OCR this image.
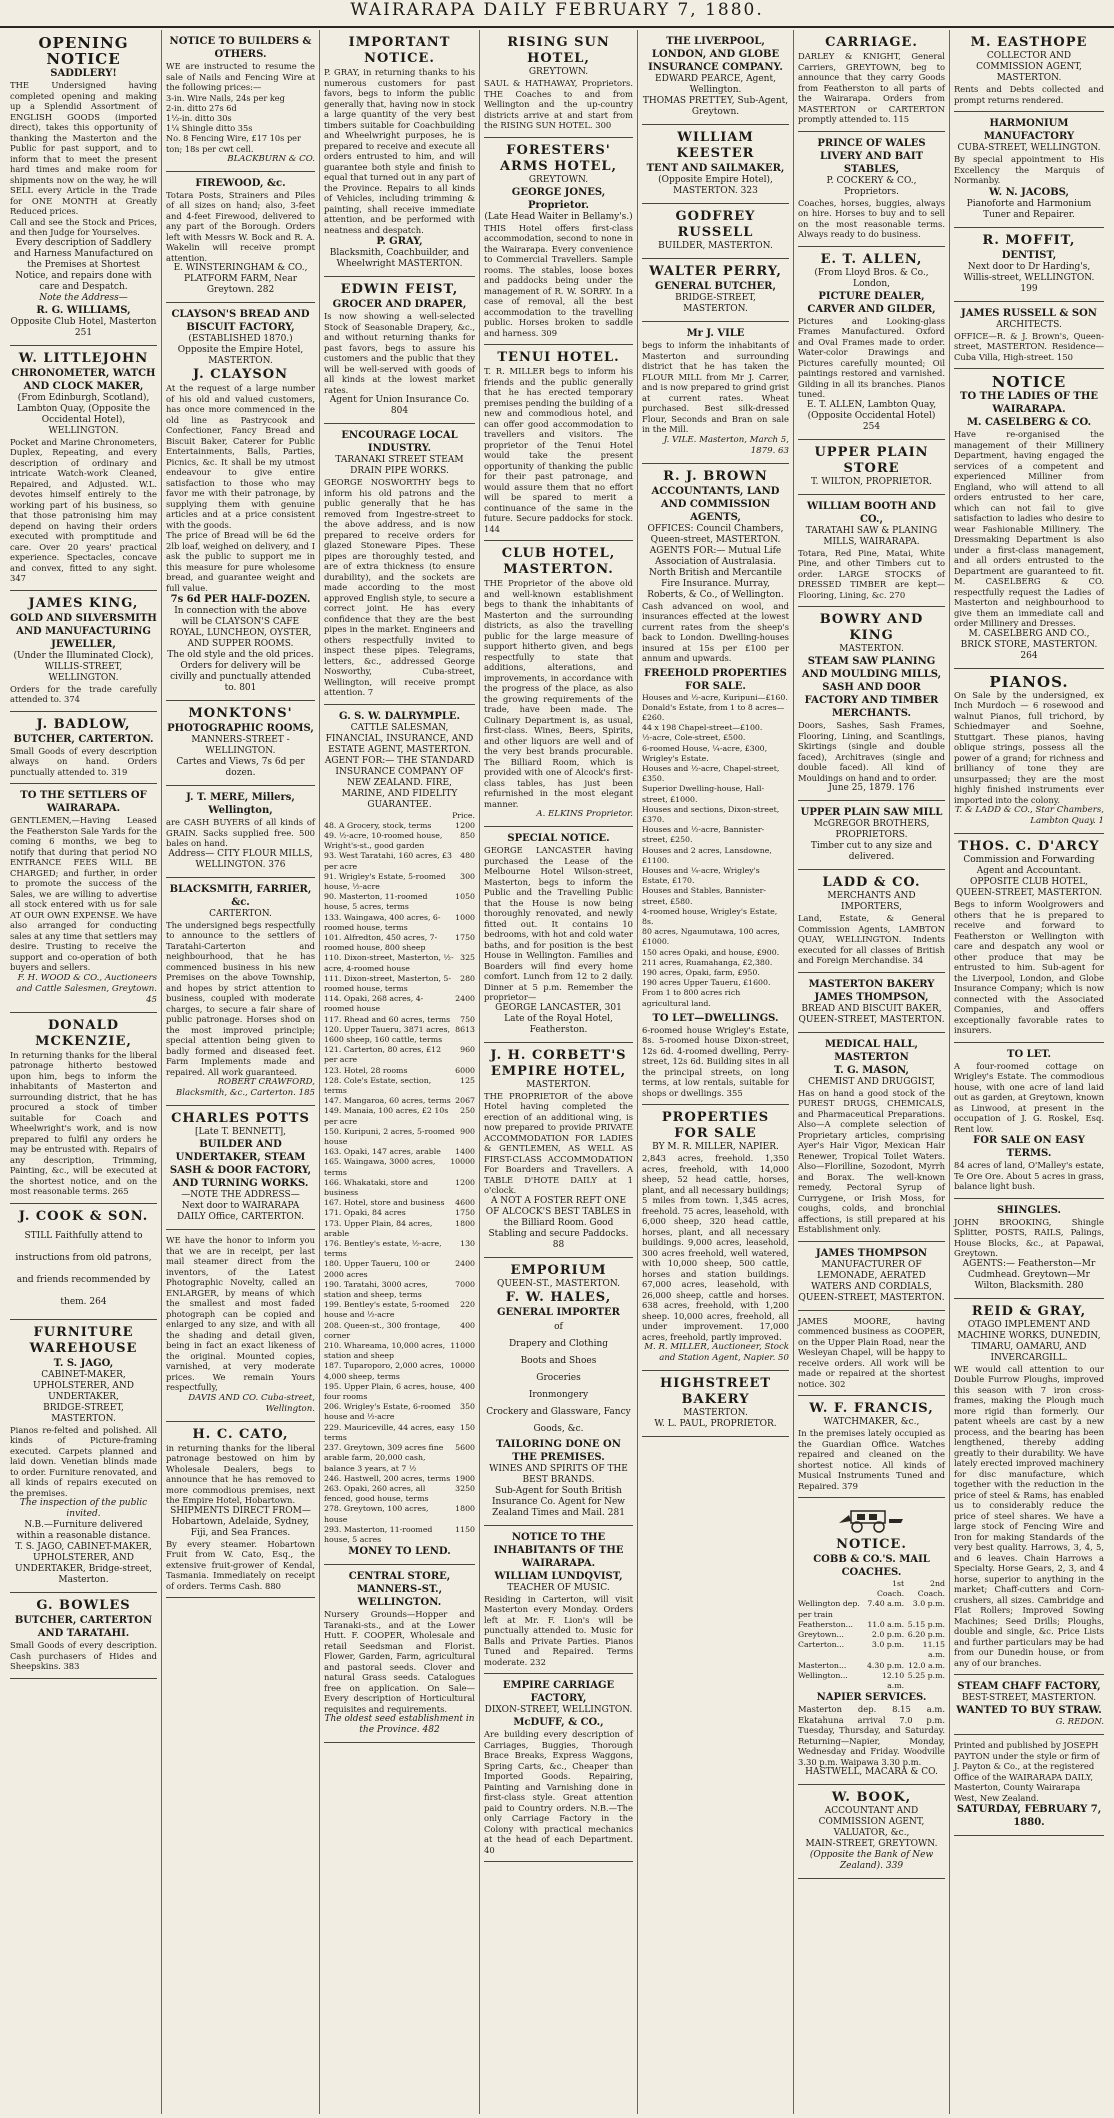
WAIRARAPA DAILY FEBRUARY 7, 1880.
OPENING NOTICE
SADDLERY!
THE Undersigned having completed opening and making up a Splendid Assortment of ENGLISH GOODS (imported direct), takes this opportunity of thanking the Masterton and the Public for past support, and to inform that to meet the present hard times and make room for shipments now on the way, he will SELL every Article in the Trade for ONE MONTH at Greatly Reduced prices.
Call and see the Stock and Prices, and then Judge for Yourselves.
Every description of Saddlery and Harness Manufactured on the Premises at Shortest Notice, and repairs done with care and Despatch.
Note the Address—
R. G. WILLIAMS,
Opposite Club Hotel, Masterton 251
W. LITTLEJOHN
CHRONOMETER, WATCH AND CLOCK MAKER,
(From Edinburgh, Scotland),
Lambton Quay, (Opposite the Occidental Hotel), WELLINGTON.
Pocket and Marine Chronometers, Duplex, Repeating, and every description of ordinary and intricate Watch-work Cleaned, Repaired, and Adjusted. W.L. devotes himself entirely to the working part of his business, so that those patronising him may depend on having their orders executed with promptitude and care. Over 20 years' practical experience. Spectacles, concave and convex, fitted to any sight. 347
JAMES KING,
GOLD AND SILVERSMITH AND MANUFACTURING JEWELLER,
(Under the Illuminated Clock), WILLIS-STREET, WELLINGTON.
Orders for the trade carefully attended to. 374
J. BADLOW,
BUTCHER, CARTERTON.
Small Goods of every description always on hand. Orders punctually attended to. 319
TO THE SETTLERS OF WAIRARAPA.
GENTLEMEN,—Having Leased the Featherston Sale Yards for the coming 6 months, we beg to notify that during that period NO ENTRANCE FEES WILL BE CHARGED; and further, in order to promote the success of the Sales, we are willing to advertise all stock entered with us for sale AT OUR OWN EXPENSE. We have also arranged for conducting sales at any time that settlers may desire. Trusting to receive the support and co-operation of both buyers and sellers.
F. H. WOOD & CO., Auctioneers and Cattle Salesmen, Greytown. 45
DONALD MCKENZIE,
In returning thanks for the liberal patronage hitherto bestowed upon him, begs to inform the inhabitants of Masterton and surrounding district, that he has procured a stock of timber suitable for Coach and Wheelwright's work, and is now prepared to fulfil any orders he may be entrusted with. Repairs of any description, Trimming, Painting, &c., will be executed at the shortest notice, and on the most reasonable terms. 265
J. COOK & SON.
STILL Faithfully attend to instructions from old patrons, and friends recommended by them. 264
FURNITURE WAREHOUSE
T. S. JAGO,
CABINET-MAKER, UPHOLSTERER, AND UNDERTAKER,
BRIDGE-STREET, MASTERTON.
Pianos re-felted and polished. All kinds of Picture-framing executed. Carpets planned and laid down. Venetian blinds made to order. Furniture renovated, and all kinds of repairs executed on the premises.
The inspection of the public invited.
N.B.—Furniture delivered within a reasonable distance.
T. S. JAGO, CABINET-MAKER, UPHOLSTERER, AND UNDERTAKER, Bridge-street, Masterton.
G. BOWLES
BUTCHER, CARTERTON AND TARATAHI.
Small Goods of every description. Cash purchasers of Hides and Sheepskins. 383
NOTICE TO BUILDERS & OTHERS.
WE are instructed to resume the sale of Nails and Fencing Wire at the following prices:—
3-in. Wire Nails, 24s per keg
2-in. ditto 27s 6d
1½-in. ditto 30s
1¼ Shingle ditto 35s
No. 8 Fencing Wire, £17 10s per ton; 18s per cwt cell.
BLACKBURN & CO.
FIREWOOD, &c.
Totara Posts, Strainers and Piles of all sizes on hand; also, 3-feet and 4-feet Firewood, delivered to any part of the Borough. Orders left with Messrs W. Bock and R. A. Wakelin will receive prompt attention.
E. WINSTERINGHAM & CO., PLATFORM FARM, Near Greytown. 282
CLAYSON'S BREAD AND BISCUIT FACTORY,
(ESTABLISHED 1870.)
Opposite the Empire Hotel, MASTERTON.
J. CLAYSON
At the request of a large number of his old and valued customers, has once more commenced in the old line as Pastrycook and Confectioner, Fancy Bread and Biscuit Baker, Caterer for Public Entertainments, Balls, Parties, Picnics, &c. It shall be my utmost endeavour to give entire satisfaction to those who may favor me with their patronage, by supplying them with genuine articles and at a price consistent with the goods.
The price of Bread will be 6d the 2lb loaf, weighed on delivery, and I ask the public to support me in this measure for pure wholesome bread, and guarantee weight and full value.
7s 6d PER HALF-DOZEN.
In connection with the above will be CLAYSON'S CAFE ROYAL, LUNCHEON, OYSTER, AND SUPPER ROOMS.
The old style and the old prices. Orders for delivery will be civilly and punctually attended to. 801
MONKTONS'
PHOTOGRAPHIC ROOMS,
MANNERS-STREET - WELLINGTON.
Cartes and Views, 7s 6d per dozen.
J. T. MERE, Millers, Wellington,
are CASH BUYERS of all kinds of GRAIN. Sacks supplied free. 500 bales on hand.
Address— CITY FLOUR MILLS, WELLINGTON. 376
BLACKSMITH, FARRIER, &c.
CARTERTON.
The undersigned begs respectfully to announce to the settlers of Taratahi-Carterton and neighbourhood, that he has commenced business in his new Premises on the above Township, and hopes by strict attention to business, coupled with moderate charges, to secure a fair share of public patronage. Horses shod on the most improved principle; special attention being given to badly formed and diseased feet. Farm Implements made and repaired. All work guaranteed.
ROBERT CRAWFORD, Blacksmith, &c., Carterton. 185
CHARLES POTTS
[Late T. BENNETT],
BUILDER AND UNDERTAKER, STEAM SASH & DOOR FACTORY, AND TURNING WORKS.
—NOTE THE ADDRESS—
Next door to WAIRARAPA DAILY Office, CARTERTON.
WE have the honor to inform you that we are in receipt, per last mail steamer direct from the inventors, of the Latest Photographic Novelty, called an ENLARGER, by means of which the smallest and most faded photograph can be copied and enlarged to any size, and with all the shading and detail given, being in fact an exact likeness of the original. Mounted copies, varnished, at very moderate prices. We remain Yours respectfully,
DAVIS AND CO. Cuba-street, Wellington.
H. C. CATO,
in returning thanks for the liberal patronage bestowed on him by Wholesale Dealers, begs to announce that he has removed to more commodious premises, next the Empire Hotel, Hobartown.
SHIPMENTS DIRECT FROM— Hobartown, Adelaide, Sydney, Fiji, and Sea Frances.
By every steamer. Hobartown Fruit from W. Cato, Esq., the extensive fruit-grower of Kendal, Tasmania. Immediately on receipt of orders. Terms Cash. 880
IMPORTANT NOTICE.
P. GRAY, in returning thanks to his numerous customers for past favors, begs to inform the public generally that, having now in stock a large quantity of the very best timbers suitable for Coachbuilding and Wheelwright purposes, he is prepared to receive and execute all orders entrusted to him, and will guarantee both style and finish to equal that turned out in any part of the Province. Repairs to all kinds of Vehicles, including trimming & painting, shall receive immediate attention, and be performed with neatness and despatch.
P. GRAY,
Blacksmith, Coachbuilder, and Wheelwright MASTERTON.
EDWIN FEIST,
GROCER AND DRAPER,
Is now showing a well-selected Stock of Seasonable Drapery, &c., and without returning thanks for past favors, begs to assure his customers and the public that they will be well-served with goods of all kinds at the lowest market rates.
Agent for Union Insurance Co. 804
ENCOURAGE LOCAL INDUSTRY.
TARANAKI STREET STEAM DRAIN PIPE WORKS.
GEORGE NOSWORTHY begs to inform his old patrons and the public generally that he has removed from Ingestre-street to the above address, and is now prepared to receive orders for glazed Stoneware Pipes. These pipes are thoroughly tested, and are of extra thickness (to ensure durability), and the sockets are made according to the most approved English style, to secure a correct joint. He has every confidence that they are the best pipes in the market. Engineers and others respectfully invited to inspect these pipes. Telegrams, letters, &c., addressed George Nosworthy, Cuba-street, Wellington, will receive prompt attention. 7
G. S. W. DALRYMPLE.
CATTLE SALESMAN, FINANCIAL, INSURANCE, AND ESTATE AGENT, MASTERTON.
AGENT FOR:— THE STANDARD INSURANCE COMPANY OF NEW ZEALAND. FIRE, MARINE, AND FIDELITY GUARANTEE.
Price.
48. A Grocery, stock, terms	1200
49. ½-acre, 10-roomed house, Wright's-st., good garden
850
93. West Taratahi, 160 acres, £3 per acre
480
91. Wrigley's Estate, 5-roomed house, ½-acre
300
90. Masterton, 11-roomed house, 5 acres, terms
1050
133. Waingawa, 400 acres, 6-roomed house, terms
1000
101. Alfredton, 450 acres, 7-roomed house, 800 sheep
1750
110. Dixon-street, Masterton, ½-acre, 4-roomed house
325
111. Dixon-street, Masterton, 5-roomed house, terms
280
114. Opaki, 268 acres, 4-roomed house
2400
117. Rhead and 60 acres, terms 750
120. Upper Taueru, 3871 acres, 1600 sheep, 160 cattle, terms
8613
121. Carterton, 80 acres, £12 per acre
960
123. Hotel, 28 rooms	6000
128. Cole's Estate, section, terms
125
147. Mangaroa, 60 acres, terms 2067
149. Manaia, 100 acres, £2 10s per acre
250
150. Kuripuni, 2 acres, 5-roomed house
900
163. Opaki, 147 acres, arable 1400
165. Waingawa, 3000 acres, terms
10000
166. Whakataki, store and business
1200
167. Hotel, store and business 4600
171. Opaki, 84 acres	1750
173. Upper Plain, 84 acres, arable
1800
176. Bentley's estate, ½-acre, terms
130
180. Upper Taueru, 100 or 2000 acres
2400
190. Taratahi, 3000 acres, station and sheep, terms
7000
199. Bentley's estate, 5-roomed house and ½-acre
220
208. Queen-st., 300 frontage, corner
400
210. Whareama, 10,000 acres, station and sheep
11000
187. Tuparoporo, 2,000 acres, 4,000 sheep, terms
10000
195. Upper Plain, 6 acres, house, four rooms
400
206. Wrigley's Estate, 6-roomed house and ½-acre
350
229. Mauriceville, 44 acres, easy terms
150
237. Greytown, 309 acres fine arable farm, 20,000 cash, balance 3 years, at 7 ½
5600
246. Hastwell, 200 acres, terms 1900
263. Opaki, 260 acres, all fenced, good house, terms
3250
278. Greytown, 100 acres, house
1800
293. Masterton, 11-roomed house, 5 acres
1150
MONEY TO LEND.
CENTRAL STORE, MANNERS-ST., WELLINGTON.
Nursery Grounds—Hopper and Taranaki-sts., and at the Lower Hutt. F. COOPER, Wholesale and retail Seedsman and Florist. Flower, Garden, Farm, agricultural and pastoral seeds. Clover and natural Grass seeds. Catalogues free on application. On Sale—Every description of Horticultural requisites and requirements.
The oldest seed establishment in the Province. 482
RISING SUN HOTEL,
GREYTOWN.
SAUL & HATHAWAY, Proprietors. THE Coaches to and from Wellington and the up-country districts arrive at and start from the RISING SUN HOTEL. 300
FORESTERS' ARMS HOTEL,
GREYTOWN.
GEORGE JONES, Proprietor.
(Late Head Waiter in Bellamy's.)
THIS Hotel offers first-class accommodation, second to none in the Wairarapa. Every convenience to Commercial Travellers. Sample rooms. The stables, loose boxes and paddocks being under the management of R. W. SORRY. In a case of removal, all the best accommodation to the travelling public. Horses broken to saddle and harness. 309
TENUI HOTEL.
T. R. MILLER begs to inform his friends and the public generally that he has erected temporary premises pending the building of a new and commodious hotel, and can offer good accommodation to travellers and visitors. The proprietor of the Tenui Hotel would take the present opportunity of thanking the public for their past patronage, and would assure them that no effort will be spared to merit a continuance of the same in the future. Secure paddocks for stock. 144
CLUB HOTEL, MASTERTON.
THE Proprietor of the above old and well-known establishment begs to thank the inhabitants of Masterton and the surrounding districts, as also the travelling public for the large measure of support hitherto given, and begs respectfully to state that additions, alterations, and improvements, in accordance with the progress of the place, as also the growing requirements of the trade, have been made. The Culinary Department is, as usual, first-class. Wines, Beers, Spirits, and other liquors are well and of the very best brands procurable. The Billiard Room, which is provided with one of Alcock's first-class tables, has just been refurnished in the most elegant manner.
A. ELKINS Proprietor.
SPECIAL NOTICE.
GEORGE LANCASTER having purchased the Lease of the Melbourne Hotel Wilson-street, Masterton, begs to inform the Public and the Travelling Public that the House is now being thoroughly renovated, and newly fitted out. It contains 10 bedrooms, with hot and cold water baths, and for position is the best House in Wellington. Families and Boarders will find every home comfort. Lunch from 12 to 2 daily. Dinner at 5 p.m. Remember the proprietor—
GEORGE LANCASTER, 301 Late of the Royal Hotel, Featherston.
J. H. CORBETT'S EMPIRE HOTEL,
MASTERTON.
THE PROPRIETOR of the above Hotel having completed the erection of an additional wing, is now prepared to provide PRIVATE ACCOMMODATION FOR LADIES & GENTLEMEN, AS WELL AS FIRST-CLASS ACCOMMODATION For Boarders and Travellers. A TABLE D'HOTE DAILY at 1 o'clock.
A NOT A FOSTER REFT ONE OF ALCOCK'S BEST TABLES in the Billiard Room. Good Stabling and secure Paddocks. 88
EMPORIUM
QUEEN-ST., MASTERTON.
F. W. HALES,
GENERAL IMPORTER
of
Drapery and Clothing
Boots and Shoes
Groceries
Ironmongery
Crockery and Glassware, Fancy Goods, &c.
TAILORING DONE ON THE PREMISES.
WINES AND SPIRITS OF THE BEST BRANDS.
Sub-Agent for South British Insurance Co. Agent for New Zealand Times and Mail. 281
NOTICE TO THE INHABITANTS OF THE WAIRARAPA.
WILLIAM LUNDQVIST,
TEACHER OF MUSIC.
Residing in Carterton, will visit Masterton every Monday. Orders left at Mr. F. Lion's will be punctually attended to. Music for Balls and Private Parties. Pianos Tuned and Repaired. Terms moderate. 232
EMPIRE CARRIAGE FACTORY,
DIXON-STREET, WELLINGTON.
McDUFF, & CO.,
Are building every description of Carriages, Buggies, Thorough Brace Breaks, Express Waggons, Spring Carts, &c., Cheaper than Imported Goods. Repairing, Painting and Varnishing done in first-class style. Great attention paid to Country orders. N.B.—The only Carriage Factory in the Colony with practical mechanics at the head of each Department. 40
THE LIVERPOOL, LONDON, AND GLOBE INSURANCE COMPANY.
EDWARD PEARCE, Agent, Wellington.
THOMAS PRETTEY, Sub-Agent, Greytown.
WILLIAM KEESTER
TENT AND SAILMAKER,
(Opposite Empire Hotel), MASTERTON. 323
GODFREY RUSSELL
BUILDER, MASTERTON.
WALTER PERRY,
GENERAL BUTCHER,
BRIDGE-STREET, MASTERTON.
Mr J. VILE
begs to inform the inhabitants of Masterton and surrounding district that he has taken the FLOUR MILL from Mr J. Carrer, and is now prepared to grind grist at current rates. Wheat purchased. Best silk-dressed Flour, Seconds and Bran on sale in the Mill.
J. VILE. Masterton, March 5, 1879. 63
R. J. BROWN
ACCOUNTANTS, LAND AND COMMISSION AGENTS,
OFFICES: Council Chambers, Queen-street, MASTERTON.
AGENTS FOR:— Mutual Life Association of Australasia. North British and Mercantile Fire Insurance. Murray, Roberts, & Co., of Wellington.
Cash advanced on wool, and insurances effected at the lowest current rates from the sheep's back to London. Dwelling-houses insured at 15s per £100 per annum and upwards.
FREEHOLD PROPERTIES FOR SALE.
Houses and ½-acre, Kuripuni—£160.
Donald's Estate, from 1 to 8 acres—£260.
44 x 198 Chapel-street—£100.
½-acre, Cole-street, £500.
6-roomed House, ¼-acre, £300, Wrigley's Estate.
Houses and ½-acre, Chapel-street, £350.
Superior Dwelling-house, Hall-street, £1000.
Houses and sections, Dixon-street, £370.
Houses and ½-acre, Bannister-street, £250.
Houses and 2 acres, Lansdowne, £1100.
Houses and ¼-acre, Wrigley's Estate, £170.
Houses and Stables, Bannister-street, £580.
4-roomed house, Wrigley's Estate, 8s.
80 acres, Ngaumutawa, 100 acres, £1000.
150 acres Opaki, and house, £900.
211 acres, Ruamahanga, £2,380.
190 acres, Opaki, farm, £950.
190 acres Upper Taueru, £1600.
From 1 to 800 acres rich agricultural land.
TO LET—DWELLINGS.
6-roomed house Wrigley's Estate, 8s. 5-roomed house Dixon-street, 12s 6d. 4-roomed dwelling, Perry-street, 12s 6d. Building sites in all the principal streets, on long terms, at low rentals, suitable for shops or dwellings. 355
PROPERTIES FOR SALE
BY M. R. MILLER, NAPIER.
2,843 acres, freehold. 1,350 acres, freehold, with 14,000 sheep, 52 head cattle, horses, plant, and all necessary buildings; 5 miles from town. 1,345 acres, freehold. 75 acres, leasehold, with 6,000 sheep, 320 head cattle, horses, plant, and all necessary buildings. 9,000 acres, leasehold, 300 acres freehold, well watered, with 10,000 sheep, 500 cattle, horses and station buildings. 67,000 acres, leasehold, with 26,000 sheep, cattle and horses. 638 acres, freehold, with 1,200 sheep. 10,000 acres, freehold, all under improvement. 17,000 acres, freehold, partly improved.
M. R. MILLER, Auctioneer, Stock and Station Agent, Napier. 50
HIGHSTREET BAKERY
MASTERTON.
W. L. PAUL, PROPRIETOR.
CARRIAGE.
DARLEY & KNIGHT, General Carriers, GREYTOWN, beg to announce that they carry Goods from Featherston to all parts of the Wairarapa. Orders from MASTERTON or CARTERTON promptly attended to. 115
PRINCE OF WALES LIVERY AND BAIT STABLES,
P. COCKERY & CO., Proprietors.
Coaches, horses, buggies, always on hire. Horses to buy and to sell on the most reasonable terms. Always ready to do business.
E. T. ALLEN,
(From Lloyd Bros. & Co., London,
PICTURE DEALER, CARVER AND GILDER,
Pictures and Looking-glass Frames Manufactured. Oxford and Oval Frames made to order. Water-color Drawings and Pictures carefully mounted; Oil paintings restored and varnished. Gilding in all its branches. Pianos tuned.
E. T. ALLEN, Lambton Quay, (Opposite Occidental Hotel) 254
UPPER PLAIN STORE
T. WILTON, PROPRIETOR.
WILLIAM BOOTH AND CO.,
TARATAHI SAW & PLANING MILLS, WAIRARAPA.
Totara, Red Pine, Matai, White Pine, and other Timbers cut to order. LARGE STOCKS of DRESSED TIMBER are kept—Flooring, Lining, &c. 270
BOWRY AND KING
MASTERTON.
STEAM SAW PLANING AND MOULDING MILLS, SASH AND DOOR FACTORY AND TIMBER MERCHANTS.
Doors, Sashes, Sash Frames, Flooring, Lining, and Scantlings, Skirtings (single and double faced), Architraves (single and double faced). All kind of Mouldings on hand and to order.
June 25, 1879. 176
UPPER PLAIN SAW MILL
McGREGOR BROTHERS, PROPRIETORS.
Timber cut to any size and delivered.
LADD & CO.
MERCHANTS AND IMPORTERS,
Land, Estate, & General Commission Agents, LAMBTON QUAY, WELLINGTON. Indents executed for all classes of British and Foreign Merchandise. 34
MASTERTON BAKERY
JAMES THOMPSON,
BREAD AND BISCUIT BAKER,
QUEEN-STREET, MASTERTON.
MEDICAL HALL, MASTERTON
T. G. MASON,
CHEMIST AND DRUGGIST,
Has on hand a good stock of the PUREST DRUGS, CHEMICALS, and Pharmaceutical Preparations. Also—A complete selection of Proprietary articles, comprising Ayer's Hair Vigor, Mexican Hair Renewer, Tropical Toilet Waters. Also—Florilline, Sozodont, Myrrh and Borax. The well-known remedy, Pectoral Syrup of Currygene, or Irish Moss, for coughs, colds, and bronchial affections, is still prepared at his Establishment only.
JAMES THOMPSON
MANUFACTURER OF LEMONADE, AERATED WATERS AND CORDIALS,
QUEEN-STREET, MASTERTON.
JAMES MOORE, having commenced business as COOPER, on the Upper Plain Road, near the Wesleyan Chapel, will be happy to receive orders. All work will be made or repaired at the shortest notice. 302
W. F. FRANCIS,
WATCHMAKER, &c.,
In the premises lately occupied as the Guardian Office. Watches repaired and cleaned on the shortest notice. All kinds of Musical Instruments Tuned and Repaired. 379
NOTICE.
COBB & CO.'S. MAIL COACHES.
1st Coach.
2nd Coach.
Wellington dep. per train
7.40 a.m.	3.0 p.m.
Featherston...	11.0 a.m. 5.15 p.m.
Greytown...	2.0 p.m. 6.20 p.m.
Carterton...	3.0 p.m.	11.15 a.m.
Masterton...	4.30 p.m. 12.0 a.m.
Wellington...	12.10 a.m.
5.25 p.m.
NAPIER SERVICES.
Masterton dep. 8.15 a.m. Ekatahuna arrival 7.0 p.m. Tuesday, Thursday, and Saturday. Returning—Napier, Monday, Wednesday and Friday. Woodville 3.30 p.m. Waipawa 3.30 p.m.
HASTWELL, MACARA & CO.
W. BOOK,
ACCOUNTANT AND COMMISSION AGENT, VALUATOR, &c.,
MAIN-STREET, GREYTOWN.
(Opposite the Bank of New Zealand). 339
M. EASTHOPE
COLLECTOR AND COMMISSION AGENT, MASTERTON.
Rents and Debts collected and prompt returns rendered.
HARMONIUM MANUFACTORY
CUBA-STREET, WELLINGTON.
By special appointment to His Excellency the Marquis of Normanby.
W. N. JACOBS,
Pianoforte and Harmonium Tuner and Repairer.
R. MOFFIT,
DENTIST,
Next door to Dr Harding's, Willis-street, WELLINGTON. 199
JAMES RUSSELL & SON
ARCHITECTS.
OFFICE—R. & J. Brown's, Queen-street, MASTERTON. Residence—Cuba Villa, High-street. 150
NOTICE
TO THE LADIES OF THE WAIRARAPA.
M. CASELBERG & CO.
Have re-organised the management of their Millinery Department, having engaged the services of a competent and experienced Milliner from England, who will attend to all orders entrusted to her care, which can not fail to give satisfaction to ladies who desire to wear Fashionable Millinery. The Dressmaking Department is also under a first-class management, and all orders entrusted to the Department are guaranteed to fit. M. CASELBERG & CO. respectfully request the Ladies of Masterton and neighbourhood to give them an immediate call and order Millinery and Dresses.
M. CASELBERG AND CO., BRICK STORE, MASTERTON. 264
PIANOS.
On Sale by the undersigned, ex Inch Murdoch — 6 rosewood and walnut Pianos, full trichord, by Schiedmayer and Soehne, Stuttgart. These pianos, having oblique strings, possess all the power of a grand; for richness and brilliancy of tone they are unsurpassed; they are the most highly finished instruments ever imported into the colony.
T. & LADD & CO., Star Chambers, Lambton Quay. 1
THOS. C. D'ARCY
Commission and Forwarding Agent and Accountant.
OPPOSITE CLUB HOTEL, QUEEN-STREET, MASTERTON.
Begs to inform Woolgrowers and others that he is prepared to receive and forward to Featherston or Wellington with care and despatch any wool or other produce that may be entrusted to him. Sub-agent for the Liverpool, London, and Globe Insurance Company; which is now connected with the Associated Companies, and offers exceptionally favorable rates to insurers.
TO LET.
A four-roomed cottage on Wrigley's Estate. The commodious house, with one acre of land laid out as garden, at Greytown, known as Linwood, at present in the occupation of J. G. Roskel, Esq. Rent low.
FOR SALE ON EASY TERMS.
84 acres of land, O'Malley's estate, Te Ore Ore. About 5 acres in grass, balance light bush.
SHINGLES.
JOHN BROOKING, Shingle Splitter, POSTS, RAILS, Palings, House Blocks, &c., at Papawai, Greytown.
AGENTS:— Featherston—Mr Cudmhead. Greytown—Mr Wilton, Blacksmith. 280
REID & GRAY,
OTAGO IMPLEMENT AND MACHINE WORKS, DUNEDIN, TIMARU, OAMARU, AND INVERCARGILL.
WE would call attention to our Double Furrow Ploughs, improved this season with 7 iron cross-frames, making the Plough much more rigid than formerly. Our patent wheels are cast by a new process, and the bearing has been lengthened, thereby adding greatly to their durability. We have lately erected improved machinery for disc manufacture, which together with the reduction in the price of steel & Rams, has enabled us to considerably reduce the price of steel shares. We have a large stock of Fencing Wire and Iron for making Standards of the very best quality. Harrows, 3, 4, 5, and 6 leaves. Chain Harrows a Specialty. Horse Gears, 2, 3, and 4 horse, superior to anything in the market; Chaff-cutters and Corn-crushers, all sizes. Cambridge and Flat Rollers; Improved Sowing Machines; Seed Drills; Ploughs, double and single, &c. Price Lists and further particulars may be had from our Dunedin house, or from any of our branches.
STEAM CHAFF FACTORY,
BEST-STREET, MASTERTON.
WANTED TO BUY STRAW.
G. REDON.
Printed and published by JOSEPH PAYTON under the style or firm of J. Payton & Co., at the registered Office of the WAIRARAPA DAILY, Masterton, County Wairarapa West, New Zealand.
SATURDAY, FEBRUARY 7, 1880.
